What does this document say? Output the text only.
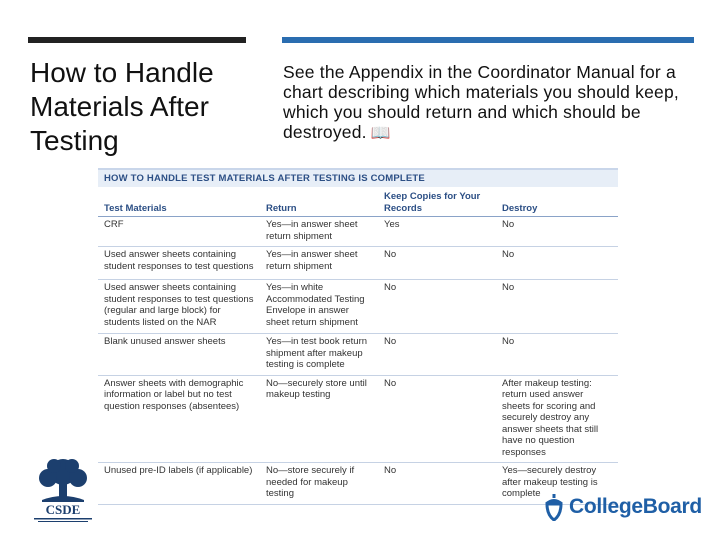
How to Handle Materials After Testing
See the Appendix in the Coordinator Manual for a chart describing which materials you should keep, which you should return and which should be destroyed. 📖
HOW TO HANDLE TEST MATERIALS AFTER TESTING IS COMPLETE
Test Materials	Return	Keep Copies for Your Records	Destroy
CRF	Yes—in answer sheet return shipment	Yes	No
Used answer sheets containing student responses to test questions	Yes—in answer sheet return shipment	No	No
Used answer sheets containing student responses to test questions (regular and large block) for students listed on the NAR	Yes—in white Accommodated Testing Envelope in answer sheet return shipment	No	No
Blank unused answer sheets	Yes—in test book return shipment after makeup testing is complete	No	No
Answer sheets with demographic information or label but no test question responses (absentees)	No—securely store until makeup testing	No	After makeup testing: return used answer sheets for scoring and securely destroy any answer sheets that still have no question responses
Unused pre-ID labels (if applicable)	No—store securely if needed for makeup testing	No	Yes—securely destroy after makeup testing is complete
CSDE	CollegeBoard
